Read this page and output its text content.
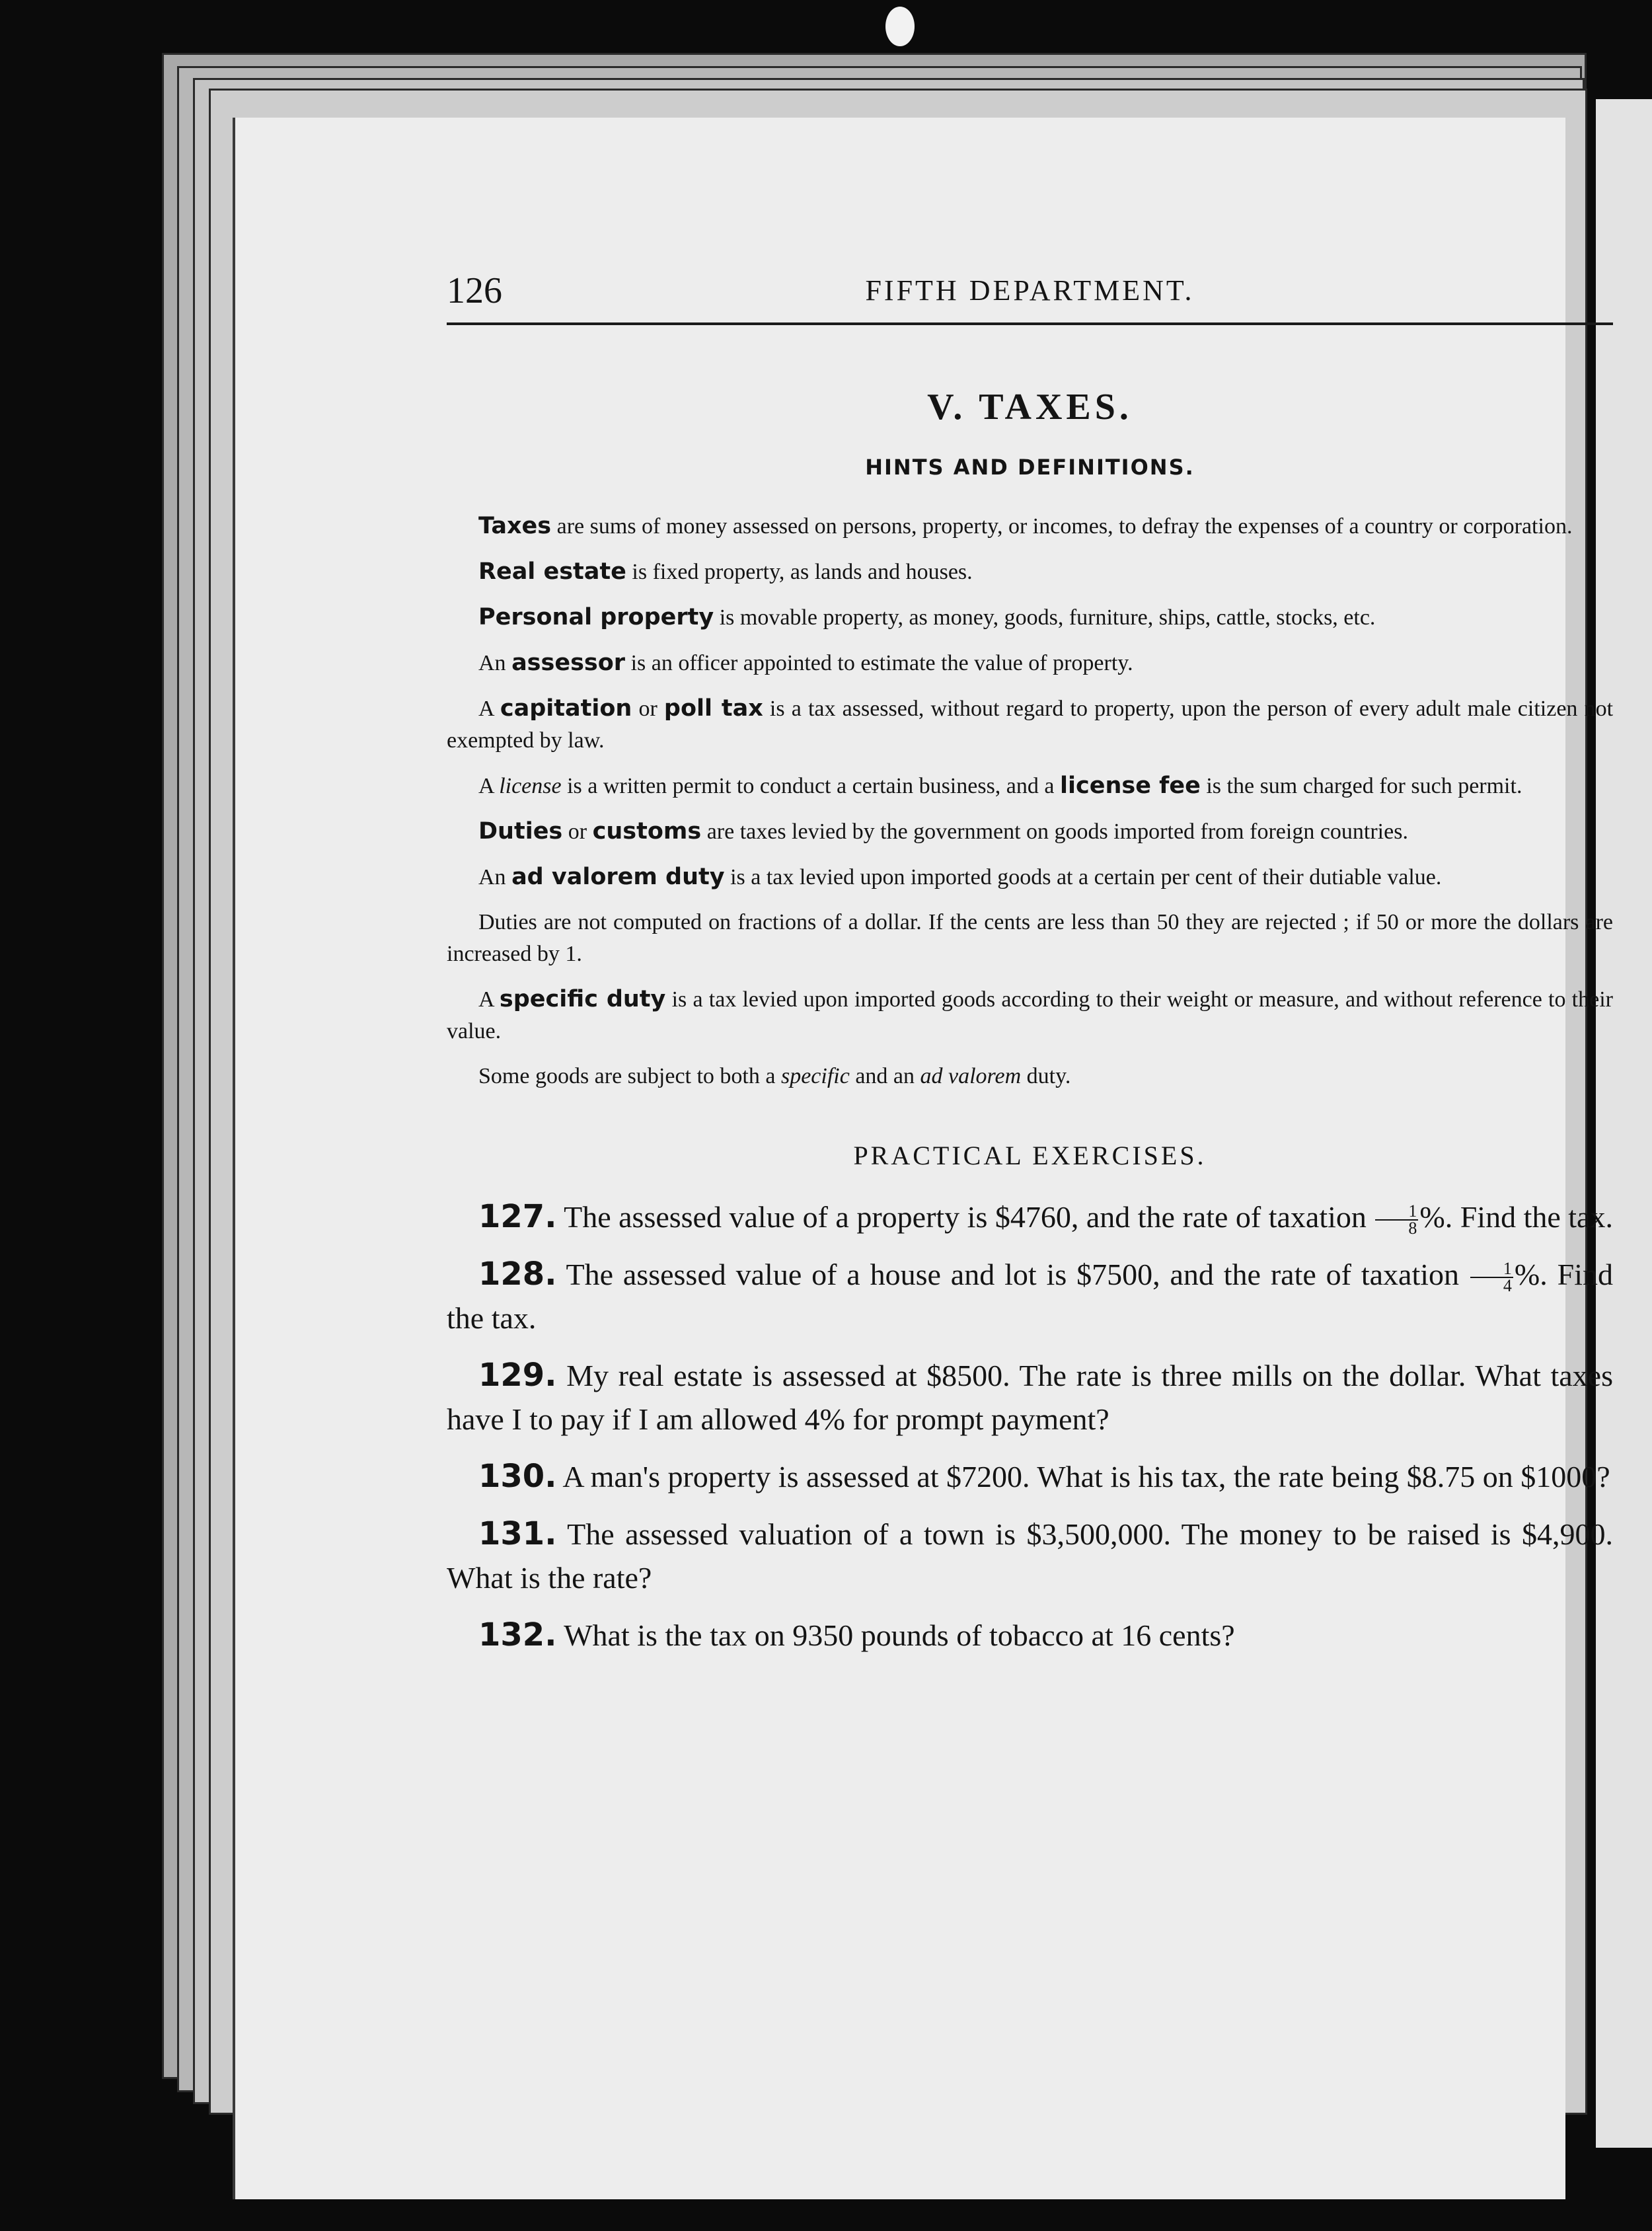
126	FIFTH DEPARTMENT.
V. TAXES.
HINTS AND DEFINITIONS.

Taxes are sums of money assessed on persons, property, or incomes, to defray the expenses of a country or corporation.

Real estate is fixed property, as lands and houses.

Personal property is movable property, as money, goods, furniture, ships, cattle, stocks, etc.

An assessor is an officer appointed to estimate the value of property.

A capitation or poll tax is a tax assessed, without regard to property, upon the person of every adult male citizen not exempted by law.

A license is a written permit to conduct a certain business, and a license fee is the sum charged for such permit.

Duties or customs are taxes levied by the government on goods imported from foreign countries.

An ad valorem duty is a tax levied upon imported goods at a certain per cent of their dutiable value.

Duties are not computed on fractions of a dollar. If the cents are less than 50 they are rejected ; if 50 or more the dollars are increased by 1.

A specific duty is a tax levied upon imported goods according to their weight or measure, and without reference to their value.

Some goods are subject to both a specific and an ad valorem duty.

PRACTICAL EXERCISES.

127. The assessed value of a property is $4760, and the rate of taxation $\frac{1}{8}$ %. Find the tax.

128. The assessed value of a house and lot is $7500, and the rate of taxation $\frac{1}{4}$ %. Find the tax.

129. My real estate is assessed at $8500. The rate is three mills on the dollar. What taxes have I to pay if I am allowed 4% for prompt payment?

130. A man's property is assessed at $7200. What is his tax, the rate being $8.75 on $1000?

131. The assessed valuation of a town is $3,500,000. The money to be raised is $4,900. What is the rate?

132. What is the tax on 9350 pounds of tobacco at 16 cents?
